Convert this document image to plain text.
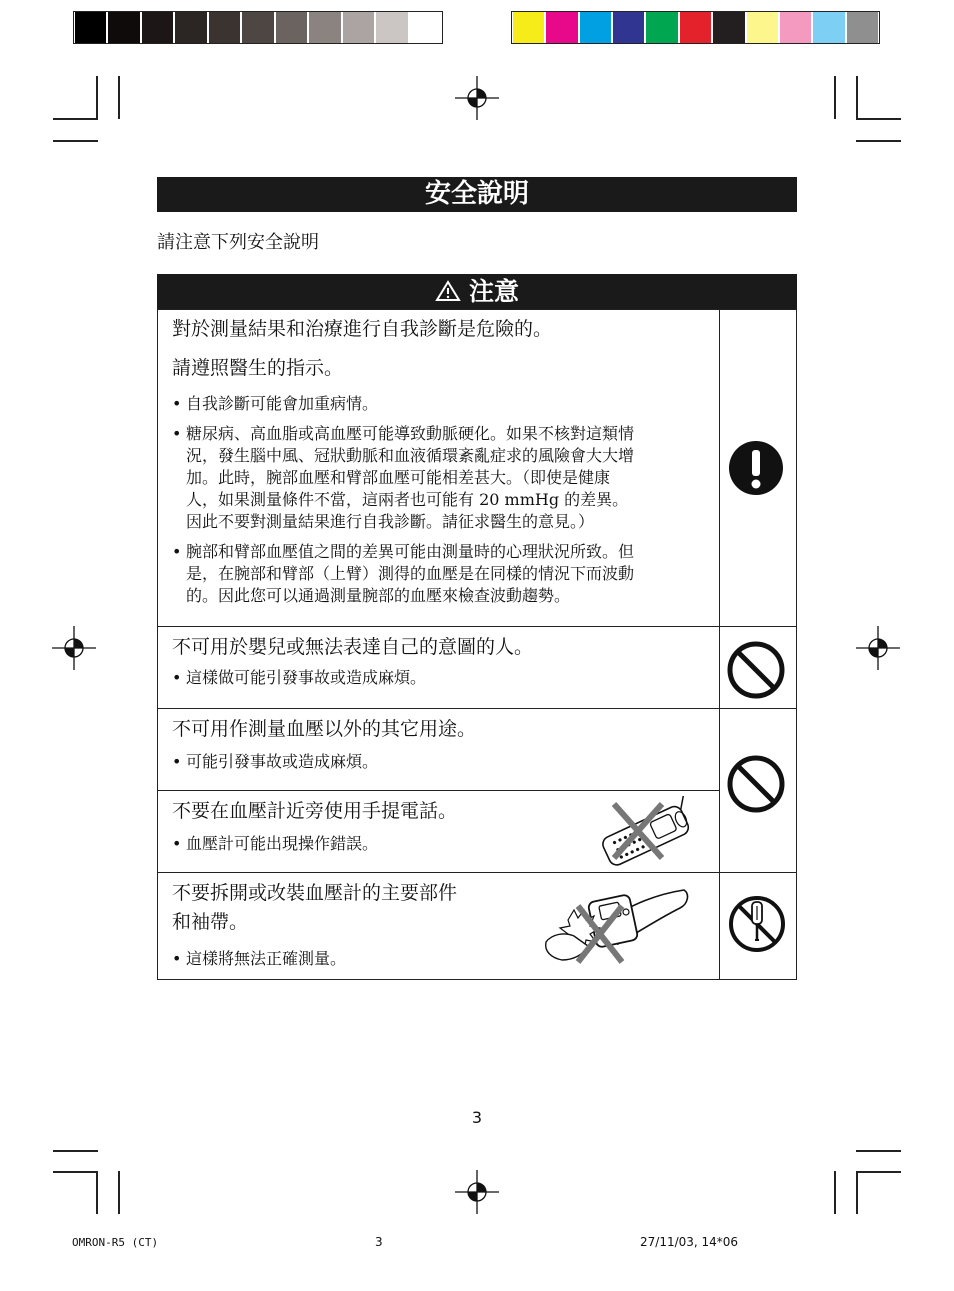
安全說明
請注意下列安全說明
注意

對於測量結果和治療進行自我診斷是危險的。

請遵照醫生的指示。

• 自我診斷可能會加重病情。

• 糖尿病、高血脂或高血壓可能導致動脈硬化。如果不核對這類情
況，發生腦中風、冠狀動脈和血液循環紊亂症求的風險會大大增
加。此時，腕部血壓和臂部血壓可能相差甚大。（即使是健康
人，如果測量條件不當，這兩者也可能有 20 mmHg 的差異。
因此不要對測量結果進行自我診斷。請征求醫生的意見。）
• 腕部和臂部血壓值之間的差異可能由測量時的心理狀況所致。但
是，在腕部和臂部（上臂）測得的血壓是在同樣的情況下而波動
的。因此您可以通過測量腕部的血壓來檢查波動趨勢。

不可用於嬰兒或無法表達自己的意圖的人。

• 這樣做可能引發事故或造成麻煩。

不可用作測量血壓以外的其它用途。

• 可能引發事故或造成麻煩。

不要在血壓計近旁使用手提電話。

• 血壓計可能出現操作錯誤。

不要拆開或改裝血壓計的主要部件

和袖帶。

• 這樣將無法正確測量。

3
OMRON-R5 (CT)	3	27/11/03, 14*06
